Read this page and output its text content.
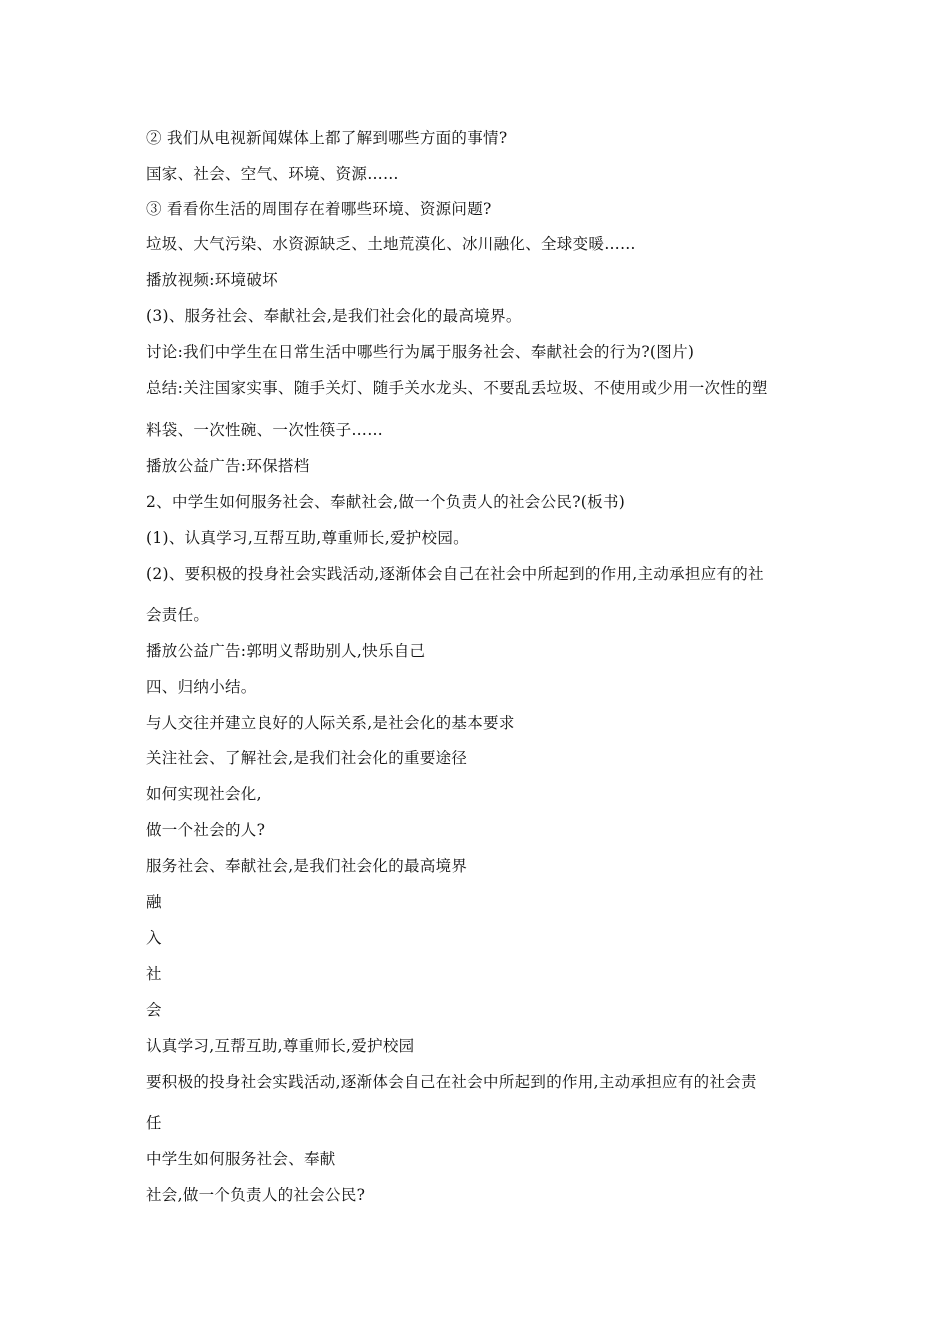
② 我们从电视新闻媒体上都了解到哪些方面的事情?
国家、社会、空气、环境、资源……
③ 看看你生活的周围存在着哪些环境、资源问题?
垃圾、大气污染、水资源缺乏、土地荒漠化、冰川融化、全球变暖……
播放视频:环境破坏
(3)、服务社会、奉献社会,是我们社会化的最高境界。
讨论:我们中学生在日常生活中哪些行为属于服务社会、奉献社会的行为?(图片)
总结:关注国家实事、随手关灯、随手关水龙头、不要乱丢垃圾、不使用或少用一次性的塑
料袋、一次性碗、一次性筷子……
播放公益广告:环保搭档
2、中学生如何服务社会、奉献社会,做一个负责人的社会公民?(板书)
(1)、认真学习,互帮互助,尊重师长,爱护校园。
(2)、要积极的投身社会实践活动,逐渐体会自己在社会中所起到的作用,主动承担应有的社
会责任。
播放公益广告:郭明义帮助别人,快乐自己
四、归纳小结。
与人交往并建立良好的人际关系,是社会化的基本要求
关注社会、了解社会,是我们社会化的重要途径
如何实现社会化,
做一个社会的人?
服务社会、奉献社会,是我们社会化的最高境界
融
入
社
会
认真学习,互帮互助,尊重师长,爱护校园
要积极的投身社会实践活动,逐渐体会自己在社会中所起到的作用,主动承担应有的社会责
任
中学生如何服务社会、奉献
社会,做一个负责人的社会公民?
